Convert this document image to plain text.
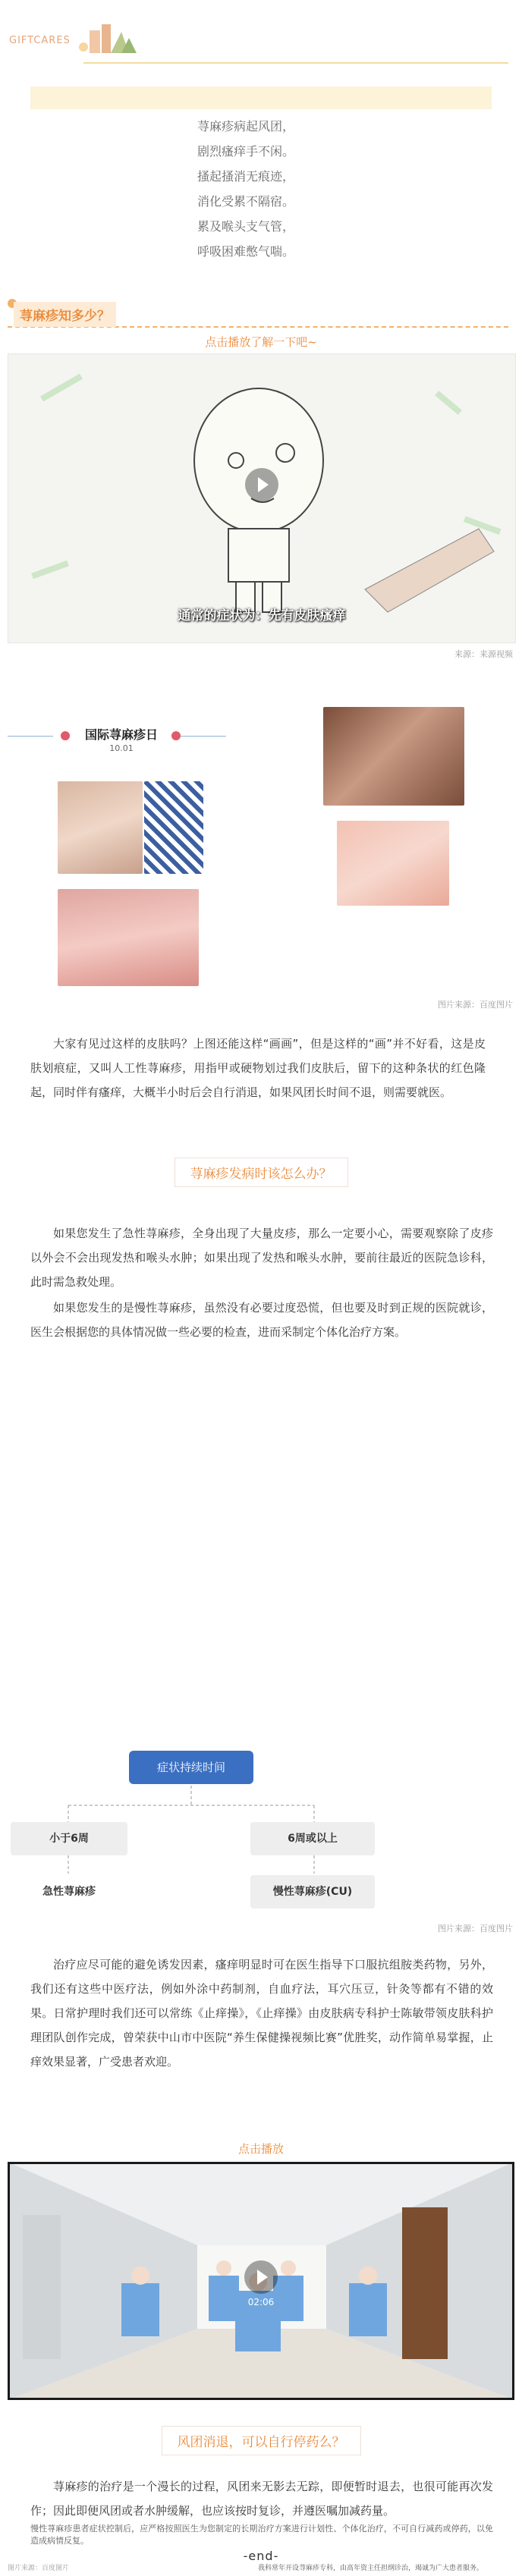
GIFTCARES
荨麻疹病起风团，
剧烈瘙痒手不闲。
搔起搔消无痕迹，
消化受累不隔宿。
累及喉头支气管，
呼吸困难憋气喘。
荨麻疹知多少？
点击播放了解一下吧~
通常的症状为：先有皮肤瘙痒
来源：来源视频
国际荨麻疹日
10.01
图片来源：百度图片
大家有见过这样的皮肤吗？上图还能这样“画画”，但是这样的“画”并不好看，这是皮肤划痕症，又叫人工性荨麻疹，用指甲或硬物划过我们皮肤后，留下的这种条状的红色隆起，同时伴有瘙痒，大概半小时后会自行消退，如果风团长时间不退，则需要就医。
荨麻疹发病时该怎么办？
如果您发生了急性荨麻疹，全身出现了大量皮疹，那么一定要小心，需要观察除了皮疹以外会不会出现发热和喉头水肿；如果出现了发热和喉头水肿，要前往最近的医院急诊科，此时需急救处理。
如果您发生的是慢性荨麻疹，虽然没有必要过度恐慌，但也要及时到正规的医院就诊，医生会根据您的具体情况做一些必要的检查，进而采制定个体化治疗方案。
症状持续时间
小于6周	6周或以上
急性荨麻疹	慢性荨麻疹(CU)
图片来源：百度图片
治疗应尽可能的避免诱发因素，瘙痒明显时可在医生指导下口服抗组胺类药物，另外，我们还有这些中医疗法，例如外涂中药制剂，自血疗法，耳穴压豆，针灸等都有不错的效果。日常护理时我们还可以常练《止痒操》，《止痒操》由皮肤病专科护士陈敏带领皮肤科护理团队创作完成，曾荣获中山市中医院“养生保健操视频比赛”优胜奖，动作简单易掌握，止痒效果显著，广受患者欢迎。
点击播放
02:06
风团消退，可以自行停药么？
荨麻疹的治疗是一个漫长的过程，风团来无影去无踪，即便暂时退去，也很可能再次发作；因此即便风团或者水肿缓解，也应该按时复诊，并遵医嘱加减药量。
-end-
慢性荨麻疹患者症状控制后，应严格按照医生为您制定的长期治疗方案进行计划性、个体化治疗，不可自行减药或停药，以免造成病情反复。
图片来源：百度图片	我科常年开设荨麻疹专科，由高年资主任担纲诊治，竭诚为广大患者服务。
